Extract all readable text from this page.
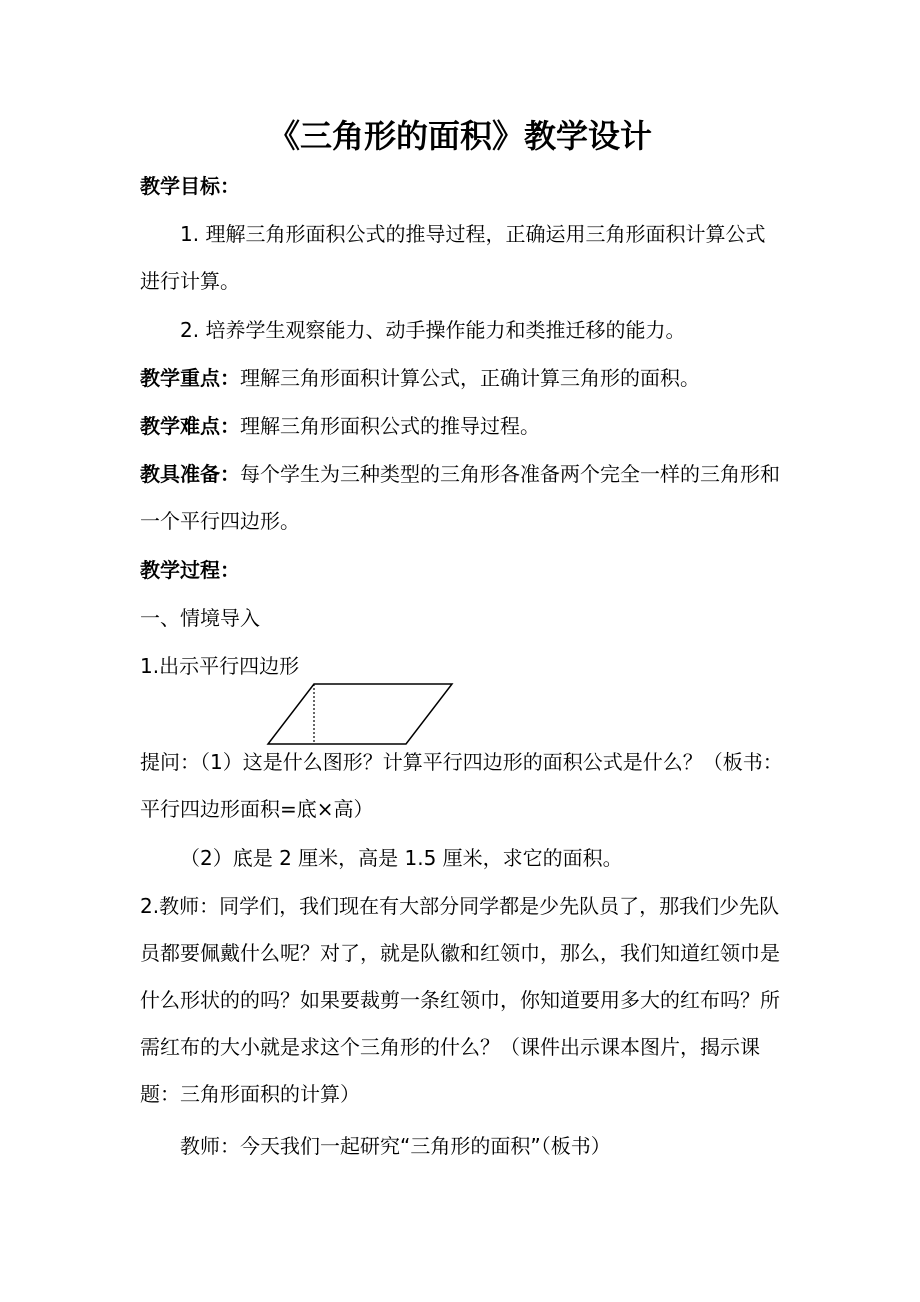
《三角形的面积》教学设计

教学目标：

1. 理解三角形面积公式的推导过程，正确运用三角形面积计算公式进行计算。

2. 培养学生观察能力、动手操作能力和类推迁移的能力。

教学重点：理解三角形面积计算公式，正确计算三角形的面积。

教学难点：理解三角形面积公式的推导过程。

教具准备：每个学生为三种类型的三角形各准备两个完全一样的三角形和一个平行四边形。

教学过程：

一、情境导入

1.出示平行四边形

提问：（1）这是什么图形？计算平行四边形的面积公式是什么？（板书：平行四边形面积=底×高）

（2）底是 2 厘米，高是 1.5 厘米，求它的面积。

2.教师：同学们，我们现在有大部分同学都是少先队员了，那我们少先队员都要佩戴什么呢？对了，就是队徽和红领巾，那么，我们知道红领巾是什么形状的的吗？如果要裁剪一条红领巾，你知道要用多大的红布吗？所需红布的大小就是求这个三角形的什么？（课件出示课本图片，揭示课题：三角形面积的计算）

教师：今天我们一起研究“三角形的面积”（板书）
